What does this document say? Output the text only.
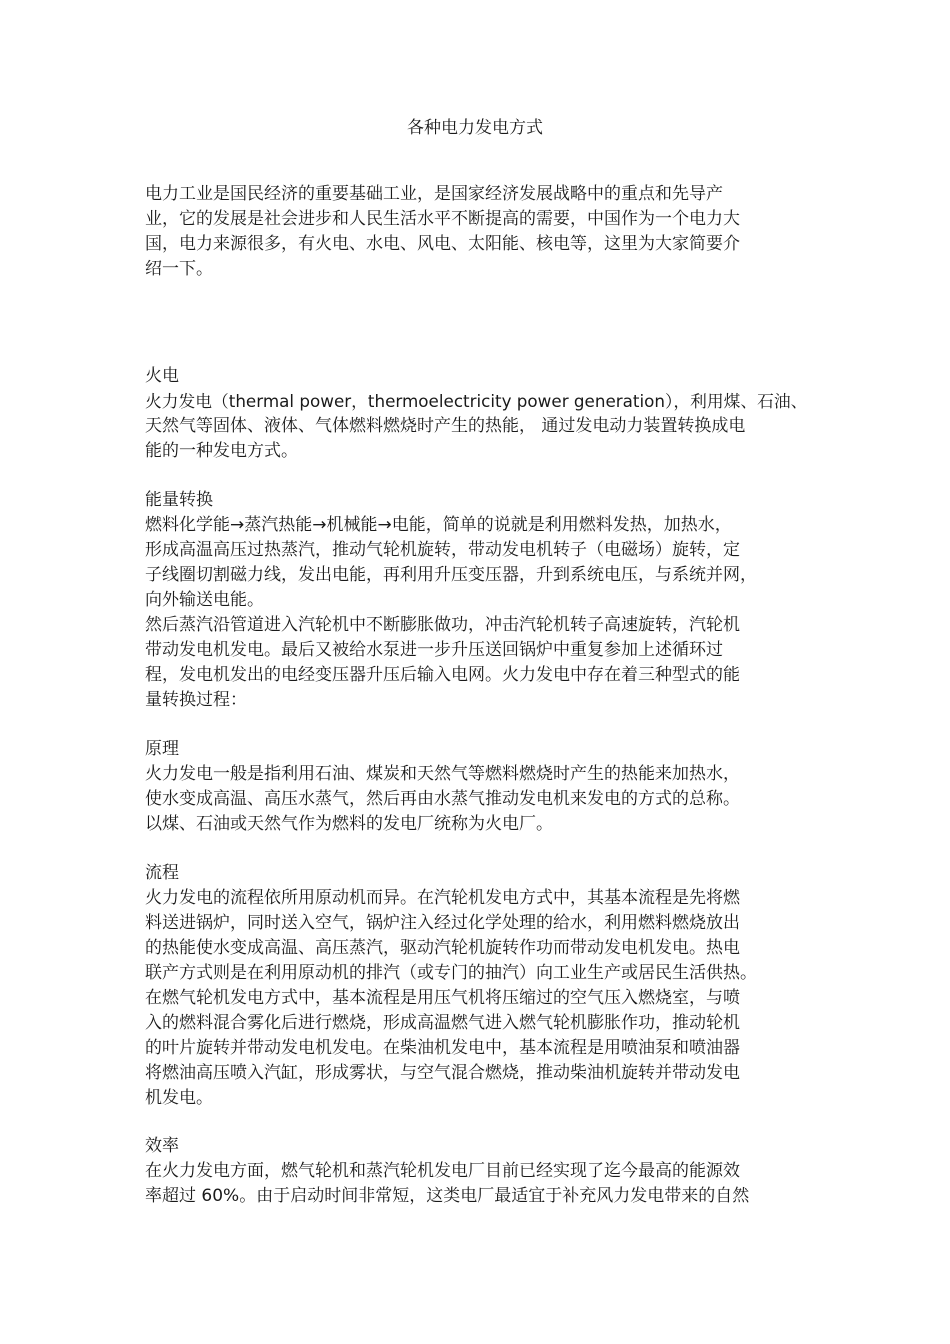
各种电力发电方式
电力工业是国民经济的重要基础工业，是国家经济发展战略中的重点和先导产
业，它的发展是社会进步和人民生活水平不断提高的需要，中国作为一个电力大
国，电力来源很多，有火电、水电、风电、太阳能、核电等，这里为大家简要介
绍一下。
火电
火力发电（thermal power，thermoelectricity power generation），利用煤、石油、
天然气等固体、液体、气体燃料燃烧时产生的热能， 通过发电动力装置转换成电
能的一种发电方式。
能量转换
燃料化学能→蒸汽热能→机械能→电能，简单的说就是利用燃料发热，加热水，
形成高温高压过热蒸汽，推动气轮机旋转，带动发电机转子（电磁场）旋转，定
子线圈切割磁力线，发出电能，再利用升压变压器，升到系统电压，与系统并网，
向外输送电能。
然后蒸汽沿管道进入汽轮机中不断膨胀做功，冲击汽轮机转子高速旋转，汽轮机
带动发电机发电。最后又被给水泵进一步升压送回锅炉中重复参加上述循环过
程，发电机发出的电经变压器升压后输入电网。火力发电中存在着三种型式的能
量转换过程：
原理
火力发电一般是指利用石油、煤炭和天然气等燃料燃烧时产生的热能来加热水，
使水变成高温、高压水蒸气，然后再由水蒸气推动发电机来发电的方式的总称。
以煤、石油或天然气作为燃料的发电厂统称为火电厂。
流程
火力发电的流程依所用原动机而异。在汽轮机发电方式中，其基本流程是先将燃
料送进锅炉，同时送入空气，锅炉注入经过化学处理的给水，利用燃料燃烧放出
的热能使水变成高温、高压蒸汽，驱动汽轮机旋转作功而带动发电机发电。热电
联产方式则是在利用原动机的排汽（或专门的抽汽）向工业生产或居民生活供热。
在燃气轮机发电方式中，基本流程是用压气机将压缩过的空气压入燃烧室，与喷
入的燃料混合雾化后进行燃烧，形成高温燃气进入燃气轮机膨胀作功，推动轮机
的叶片旋转并带动发电机发电。在柴油机发电中，基本流程是用喷油泵和喷油器
将燃油高压喷入汽缸，形成雾状，与空气混合燃烧，推动柴油机旋转并带动发电
机发电。
效率
在火力发电方面，燃气轮机和蒸汽轮机发电厂目前已经实现了迄今最高的能源效
率超过 60%。由于启动时间非常短，这类电厂最适宜于补充风力发电带来的自然
